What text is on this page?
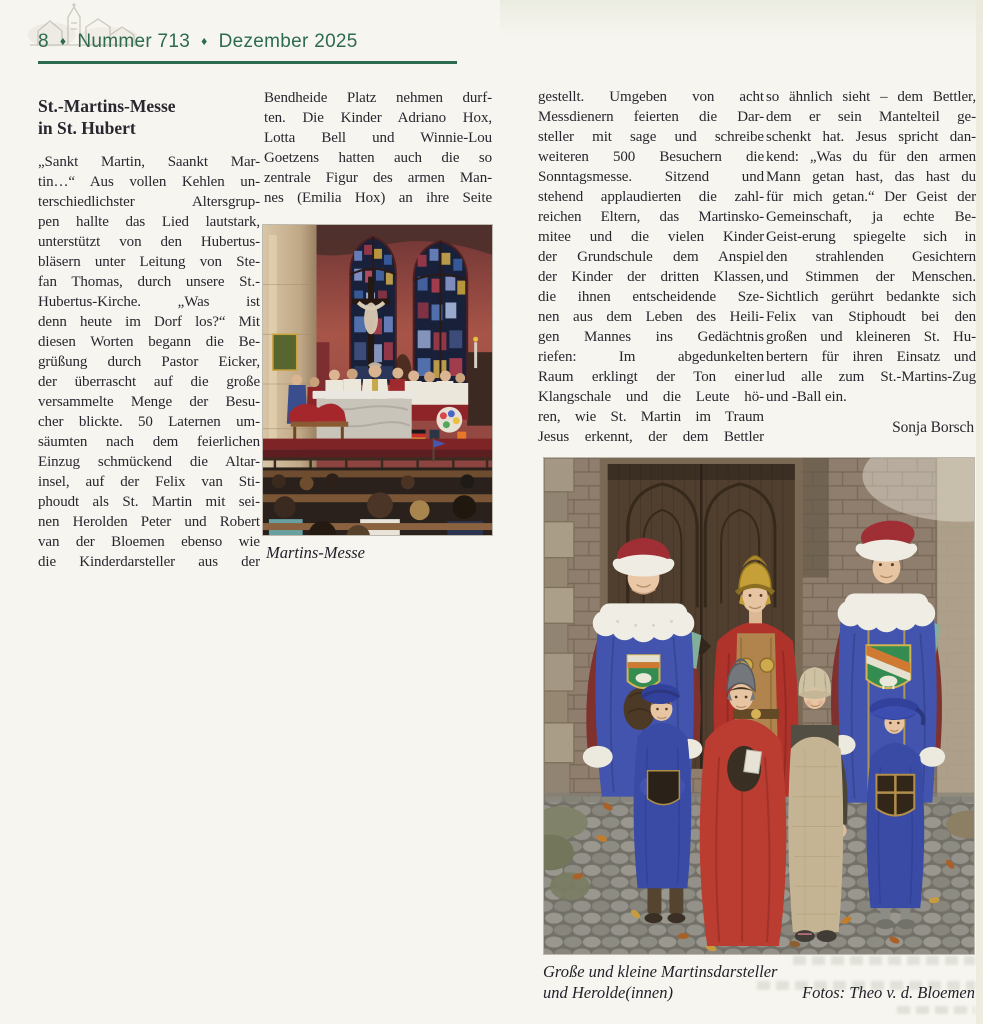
8 ♦ Nummer 713 ♦ Dezember 2025
St.-Martins-Messe
in St. Hubert
„Sankt Martin, Saankt Mar-
tin…“ Aus vollen Kehlen un-
terschiedlichster Altersgrup-
pen hallte das Lied lautstark,
unterstützt von den Hubertus-
bläsern unter Leitung von Ste-
fan Thomas, durch unsere St.-
Hubertus-Kirche. „Was ist
denn heute im Dorf los?“ Mit
diesen Worten begann die Be-
grüßung durch Pastor Eicker,
der überrascht auf die große
versammelte Menge der Besu-
cher blickte. 50 Laternen um-
säumten nach dem feierlichen
Einzug schmückend die Altar-
insel, auf der Felix van Sti-
phoudt als St. Martin mit sei-
nen Herolden Peter und Robert
van der Bloemen ebenso wie
die Kinderdarsteller aus der
Bendheide Platz nehmen durf-
ten. Die Kinder Adriano Hox,
Lotta Bell und Winnie-Lou
Goetzens hatten auch die so
zentrale Figur des armen Man-
nes (Emilia Hox) an ihre Seite
Martins-Messe
gestellt. Umgeben von acht
Messdienern feierten die Dar-
steller mit sage und schreibe
weiteren 500 Besuchern die
Sonntagsmesse. Sitzend und
stehend applaudierten die zahl-
reichen Eltern, das Martinsko-
mitee und die vielen Kinder
der Grundschule dem Anspiel
der Kinder der dritten Klassen,
die ihnen entscheidende Sze-
nen aus dem Leben des Heili-
gen Mannes ins Gedächtnis
riefen: Im abgedunkelten
Raum erklingt der Ton einer
Klangschale und die Leute hö-
ren, wie St. Martin im Traum
Jesus erkennt, der dem Bettler
so ähnlich sieht – dem Bettler,
dem er sein Mantelteil ge-
schenkt hat. Jesus spricht dan-
kend: „Was du für den armen
Mann getan hast, das hast du
für mich getan.“ Der Geist der
Gemeinschaft, ja echte Be-
Geist-erung spiegelte sich in
den strahlenden Gesichtern
und Stimmen der Menschen.
Sichtlich gerührt bedankte sich
Felix van Stiphoudt bei den
großen und kleineren St. Hu-
bertern für ihren Einsatz und
lud alle zum St.-Martins-Zug
und -Ball ein.
Sonja Borsch
Große und kleine Martinsdarsteller
und Herolde(innen)	Fotos: Theo v. d. Bloemen
